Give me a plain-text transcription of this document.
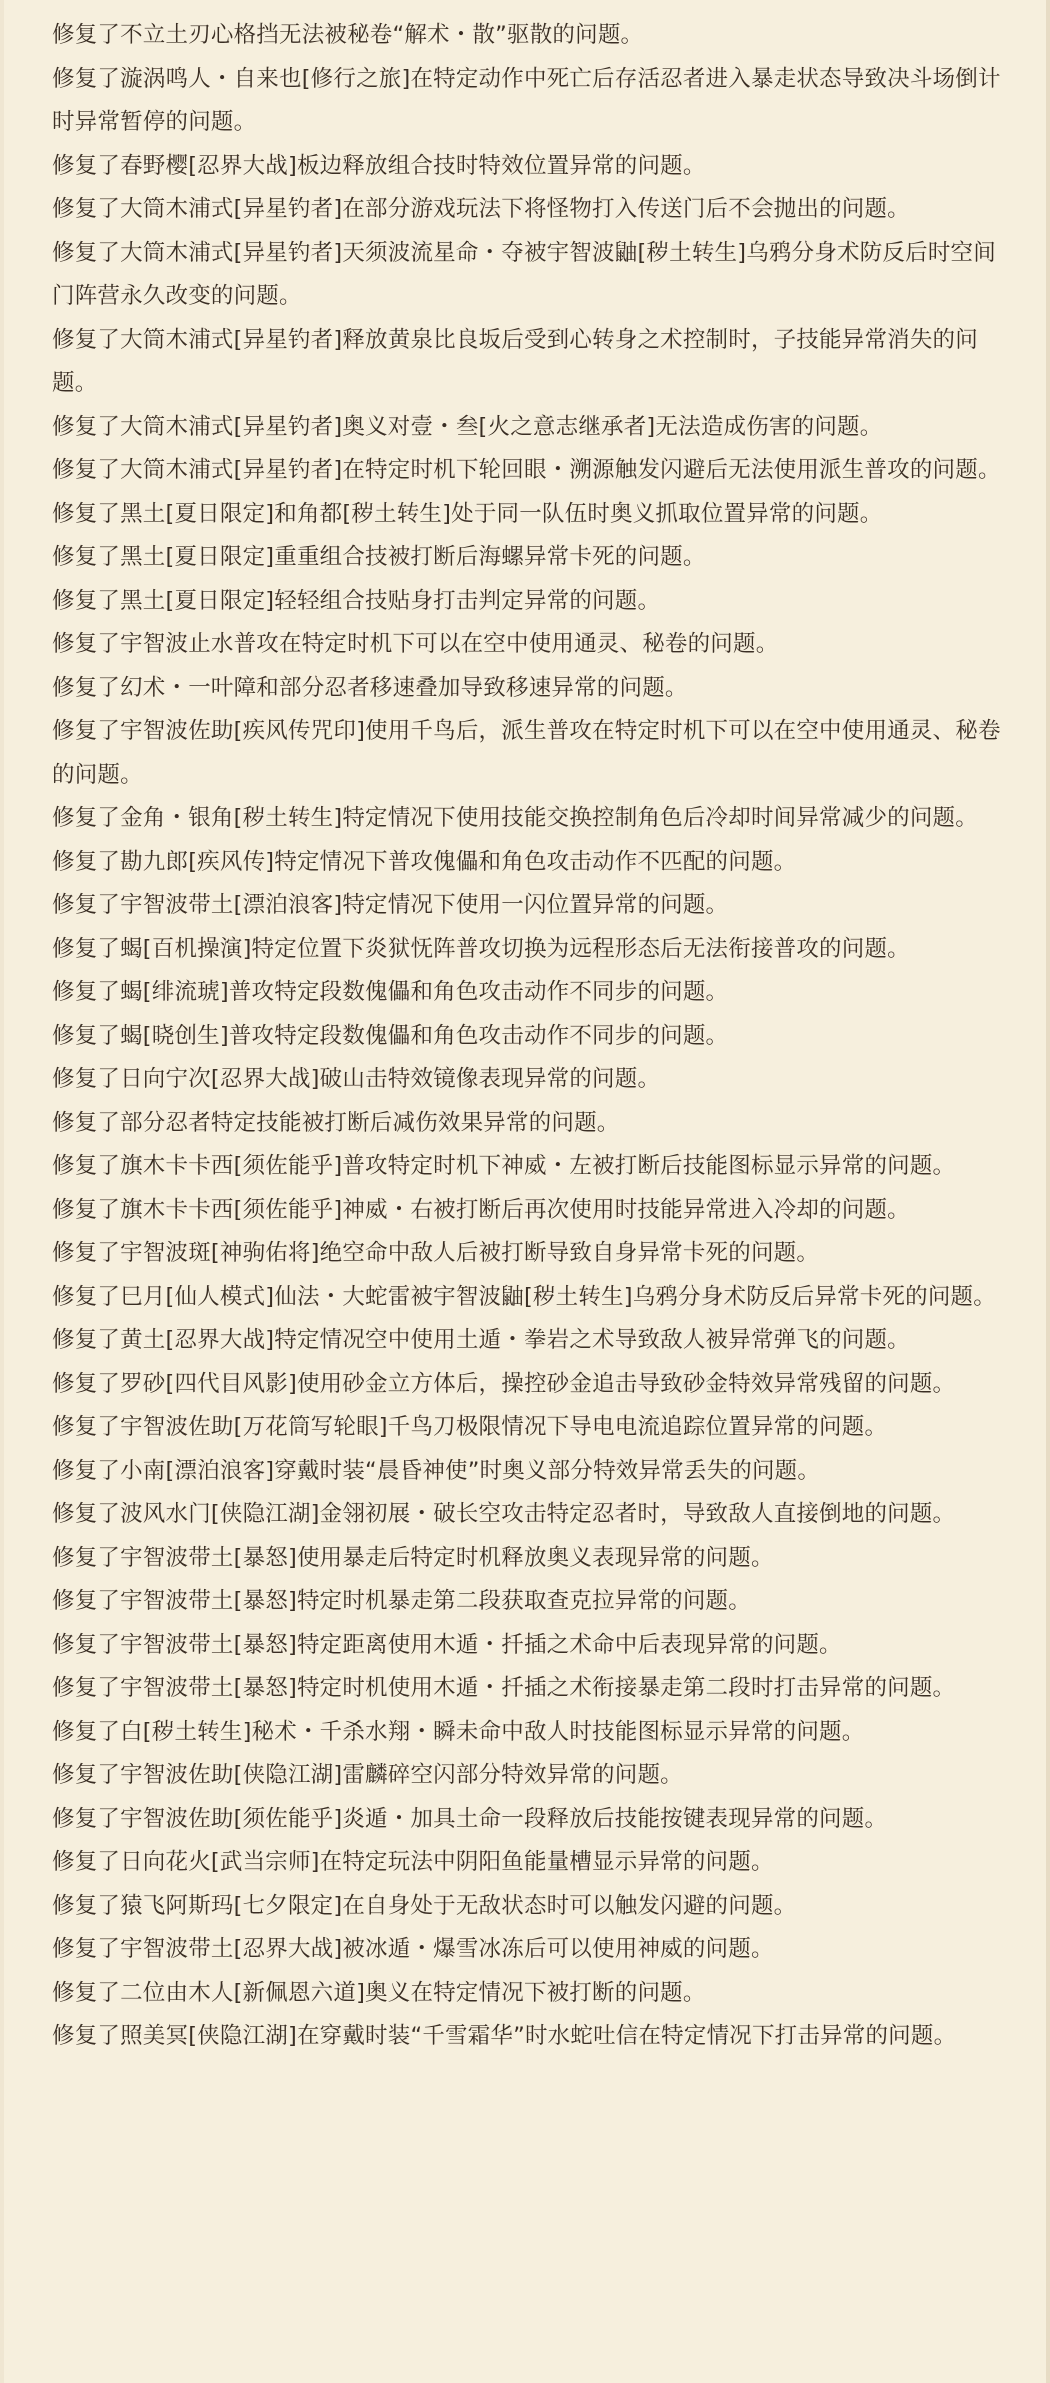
修复了不立土刃心格挡无法被秘卷“解术・散”驱散的问题。
修复了漩涡鸣人・自来也[修行之旅]在特定动作中死亡后存活忍者进入暴走状态导致决斗场倒计时异常暂停的问题。
修复了春野樱[忍界大战]板边释放组合技时特效位置异常的问题。
修复了大筒木浦式[异星钓者]在部分游戏玩法下将怪物打入传送门后不会抛出的问题。
修复了大筒木浦式[异星钓者]天须波流星命・夺被宇智波鼬[秽土转生]乌鸦分身术防反后时空间门阵营永久改变的问题。
修复了大筒木浦式[异星钓者]释放黄泉比良坂后受到心转身之术控制时，子技能异常消失的问题。
修复了大筒木浦式[异星钓者]奥义对壹・叁[火之意志继承者]无法造成伤害的问题。
修复了大筒木浦式[异星钓者]在特定时机下轮回眼・溯源触发闪避后无法使用派生普攻的问题。
修复了黑土[夏日限定]和角都[秽土转生]处于同一队伍时奥义抓取位置异常的问题。
修复了黑土[夏日限定]重重组合技被打断后海螺异常卡死的问题。
修复了黑土[夏日限定]轻轻组合技贴身打击判定异常的问题。
修复了宇智波止水普攻在特定时机下可以在空中使用通灵、秘卷的问题。
修复了幻术・一叶障和部分忍者移速叠加导致移速异常的问题。
修复了宇智波佐助[疾风传咒印]使用千鸟后，派生普攻在特定时机下可以在空中使用通灵、秘卷的问题。
修复了金角・银角[秽土转生]特定情况下使用技能交换控制角色后冷却时间异常减少的问题。
修复了勘九郎[疾风传]特定情况下普攻傀儡和角色攻击动作不匹配的问题。
修复了宇智波带土[漂泊浪客]特定情况下使用一闪位置异常的问题。
修复了蝎[百机操演]特定位置下炎狱怃阵普攻切换为远程形态后无法衔接普攻的问题。
修复了蝎[绯流琥]普攻特定段数傀儡和角色攻击动作不同步的问题。
修复了蝎[晓创生]普攻特定段数傀儡和角色攻击动作不同步的问题。
修复了日向宁次[忍界大战]破山击特效镜像表现异常的问题。
修复了部分忍者特定技能被打断后减伤效果异常的问题。
修复了旗木卡卡西[须佐能乎]普攻特定时机下神威・左被打断后技能图标显示异常的问题。
修复了旗木卡卡西[须佐能乎]神威・右被打断后再次使用时技能异常进入冷却的问题。
修复了宇智波斑[神驹佑将]绝空命中敌人后被打断导致自身异常卡死的问题。
修复了巳月[仙人模式]仙法・大蛇雷被宇智波鼬[秽土转生]乌鸦分身术防反后异常卡死的问题。
修复了黄土[忍界大战]特定情况空中使用土遁・拳岩之术导致敌人被异常弹飞的问题。
修复了罗砂[四代目风影]使用砂金立方体后，操控砂金追击导致砂金特效异常残留的问题。
修复了宇智波佐助[万花筒写轮眼]千鸟刀极限情况下导电电流追踪位置异常的问题。
修复了小南[漂泊浪客]穿戴时装“晨昏神使”时奥义部分特效异常丢失的问题。
修复了波风水门[侠隐江湖]金翎初展・破长空攻击特定忍者时，导致敌人直接倒地的问题。
修复了宇智波带土[暴怒]使用暴走后特定时机释放奥义表现异常的问题。
修复了宇智波带土[暴怒]特定时机暴走第二段获取查克拉异常的问题。
修复了宇智波带土[暴怒]特定距离使用木遁・扦插之术命中后表现异常的问题。
修复了宇智波带土[暴怒]特定时机使用木遁・扦插之术衔接暴走第二段时打击异常的问题。
修复了白[秽土转生]秘术・千杀水翔・瞬未命中敌人时技能图标显示异常的问题。
修复了宇智波佐助[侠隐江湖]雷麟碎空闪部分特效异常的问题。
修复了宇智波佐助[须佐能乎]炎遁・加具土命一段释放后技能按键表现异常的问题。
修复了日向花火[武当宗师]在特定玩法中阴阳鱼能量槽显示异常的问题。
修复了猿飞阿斯玛[七夕限定]在自身处于无敌状态时可以触发闪避的问题。
修复了宇智波带土[忍界大战]被冰遁・爆雪冰冻后可以使用神威的问题。
修复了二位由木人[新佩恩六道]奥义在特定情况下被打断的问题。
修复了照美冥[侠隐江湖]在穿戴时装“千雪霜华”时水蛇吐信在特定情况下打击异常的问题。
